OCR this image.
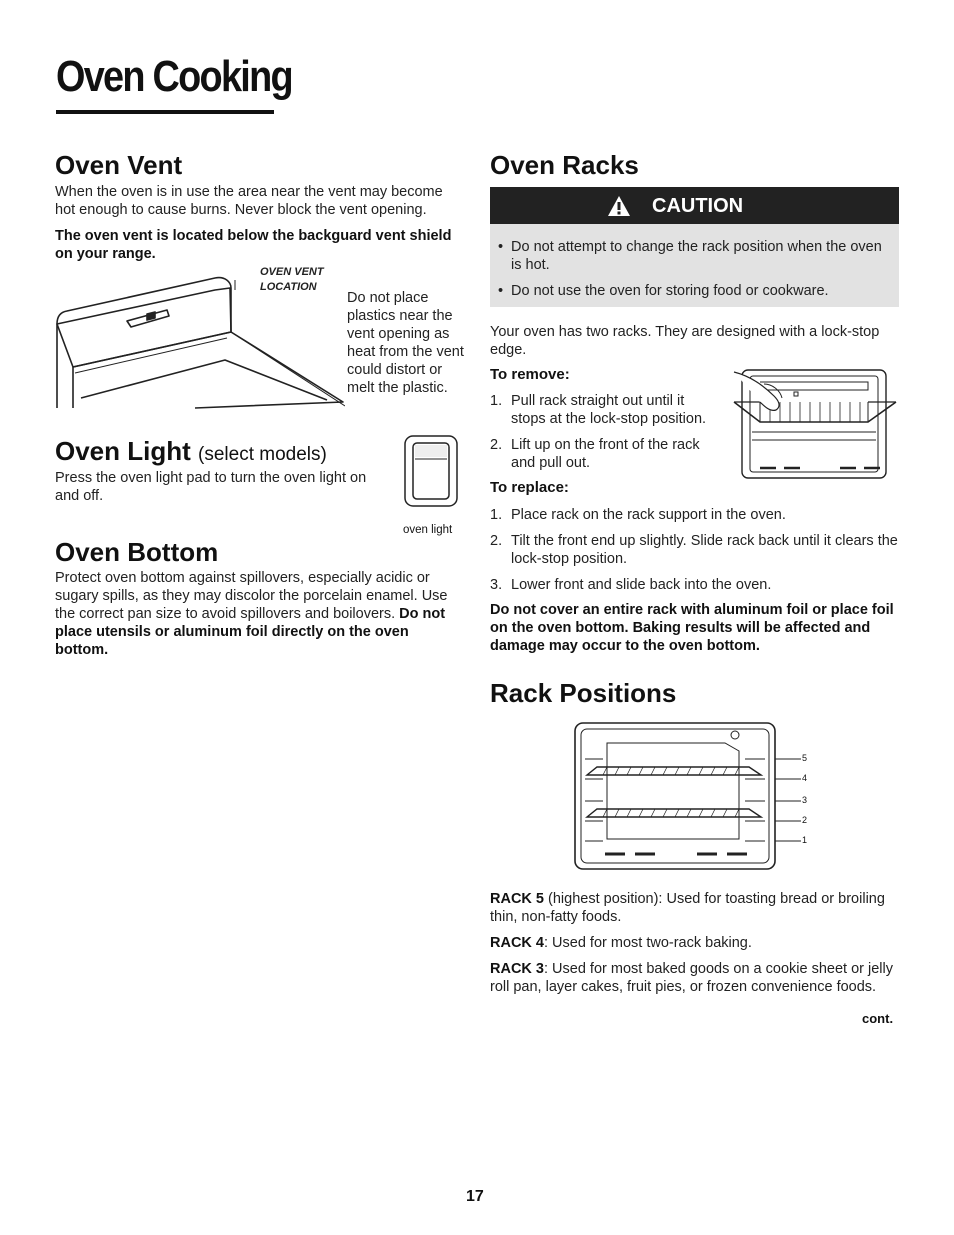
Oven Cooking
Oven Vent
When the oven is in use the area near the vent may become hot enough to cause burns. Never block the vent opening.
The oven vent is located below the backguard vent shield on your range.
OVEN VENT
LOCATION
Do not place plastics near the vent opening as heat from the vent could distort or melt the plastic.
Oven Light (select models)
Press the oven light pad to turn the oven light on and off.
oven light
Oven Bottom
Protect oven bottom against spillovers, especially acidic or sugary spills, as they may discolor the porcelain enamel. Use the correct pan size to avoid spillovers and boilovers. Do not place utensils or aluminum foil directly on the oven bottom.
Oven Racks
CAUTION
• Do not attempt to change the rack position when the oven is hot.
• Do not use the oven for storing food or cookware.
Your oven has two racks. They are designed with a lock-stop edge.
To remove:
1. Pull rack straight out until it stops at the lock-stop position.
2. Lift up on the front of the rack and pull out.
To replace:
1. Place rack on the rack support in the oven.
2. Tilt the front end up slightly. Slide rack back until it clears the lock-stop position.
3. Lower front and slide back into the oven.
Do not cover an entire rack with aluminum foil or place foil on the oven bottom. Baking results will be affected and damage may occur to the oven bottom.
Rack Positions
5
4
3
2
1
RACK 5 (highest position): Used for toasting bread or broiling thin, non-fatty foods.
RACK 4: Used for most two-rack baking.
RACK 3: Used for most baked goods on a cookie sheet or jelly roll pan, layer cakes, fruit pies, or frozen convenience foods.
cont.
17
